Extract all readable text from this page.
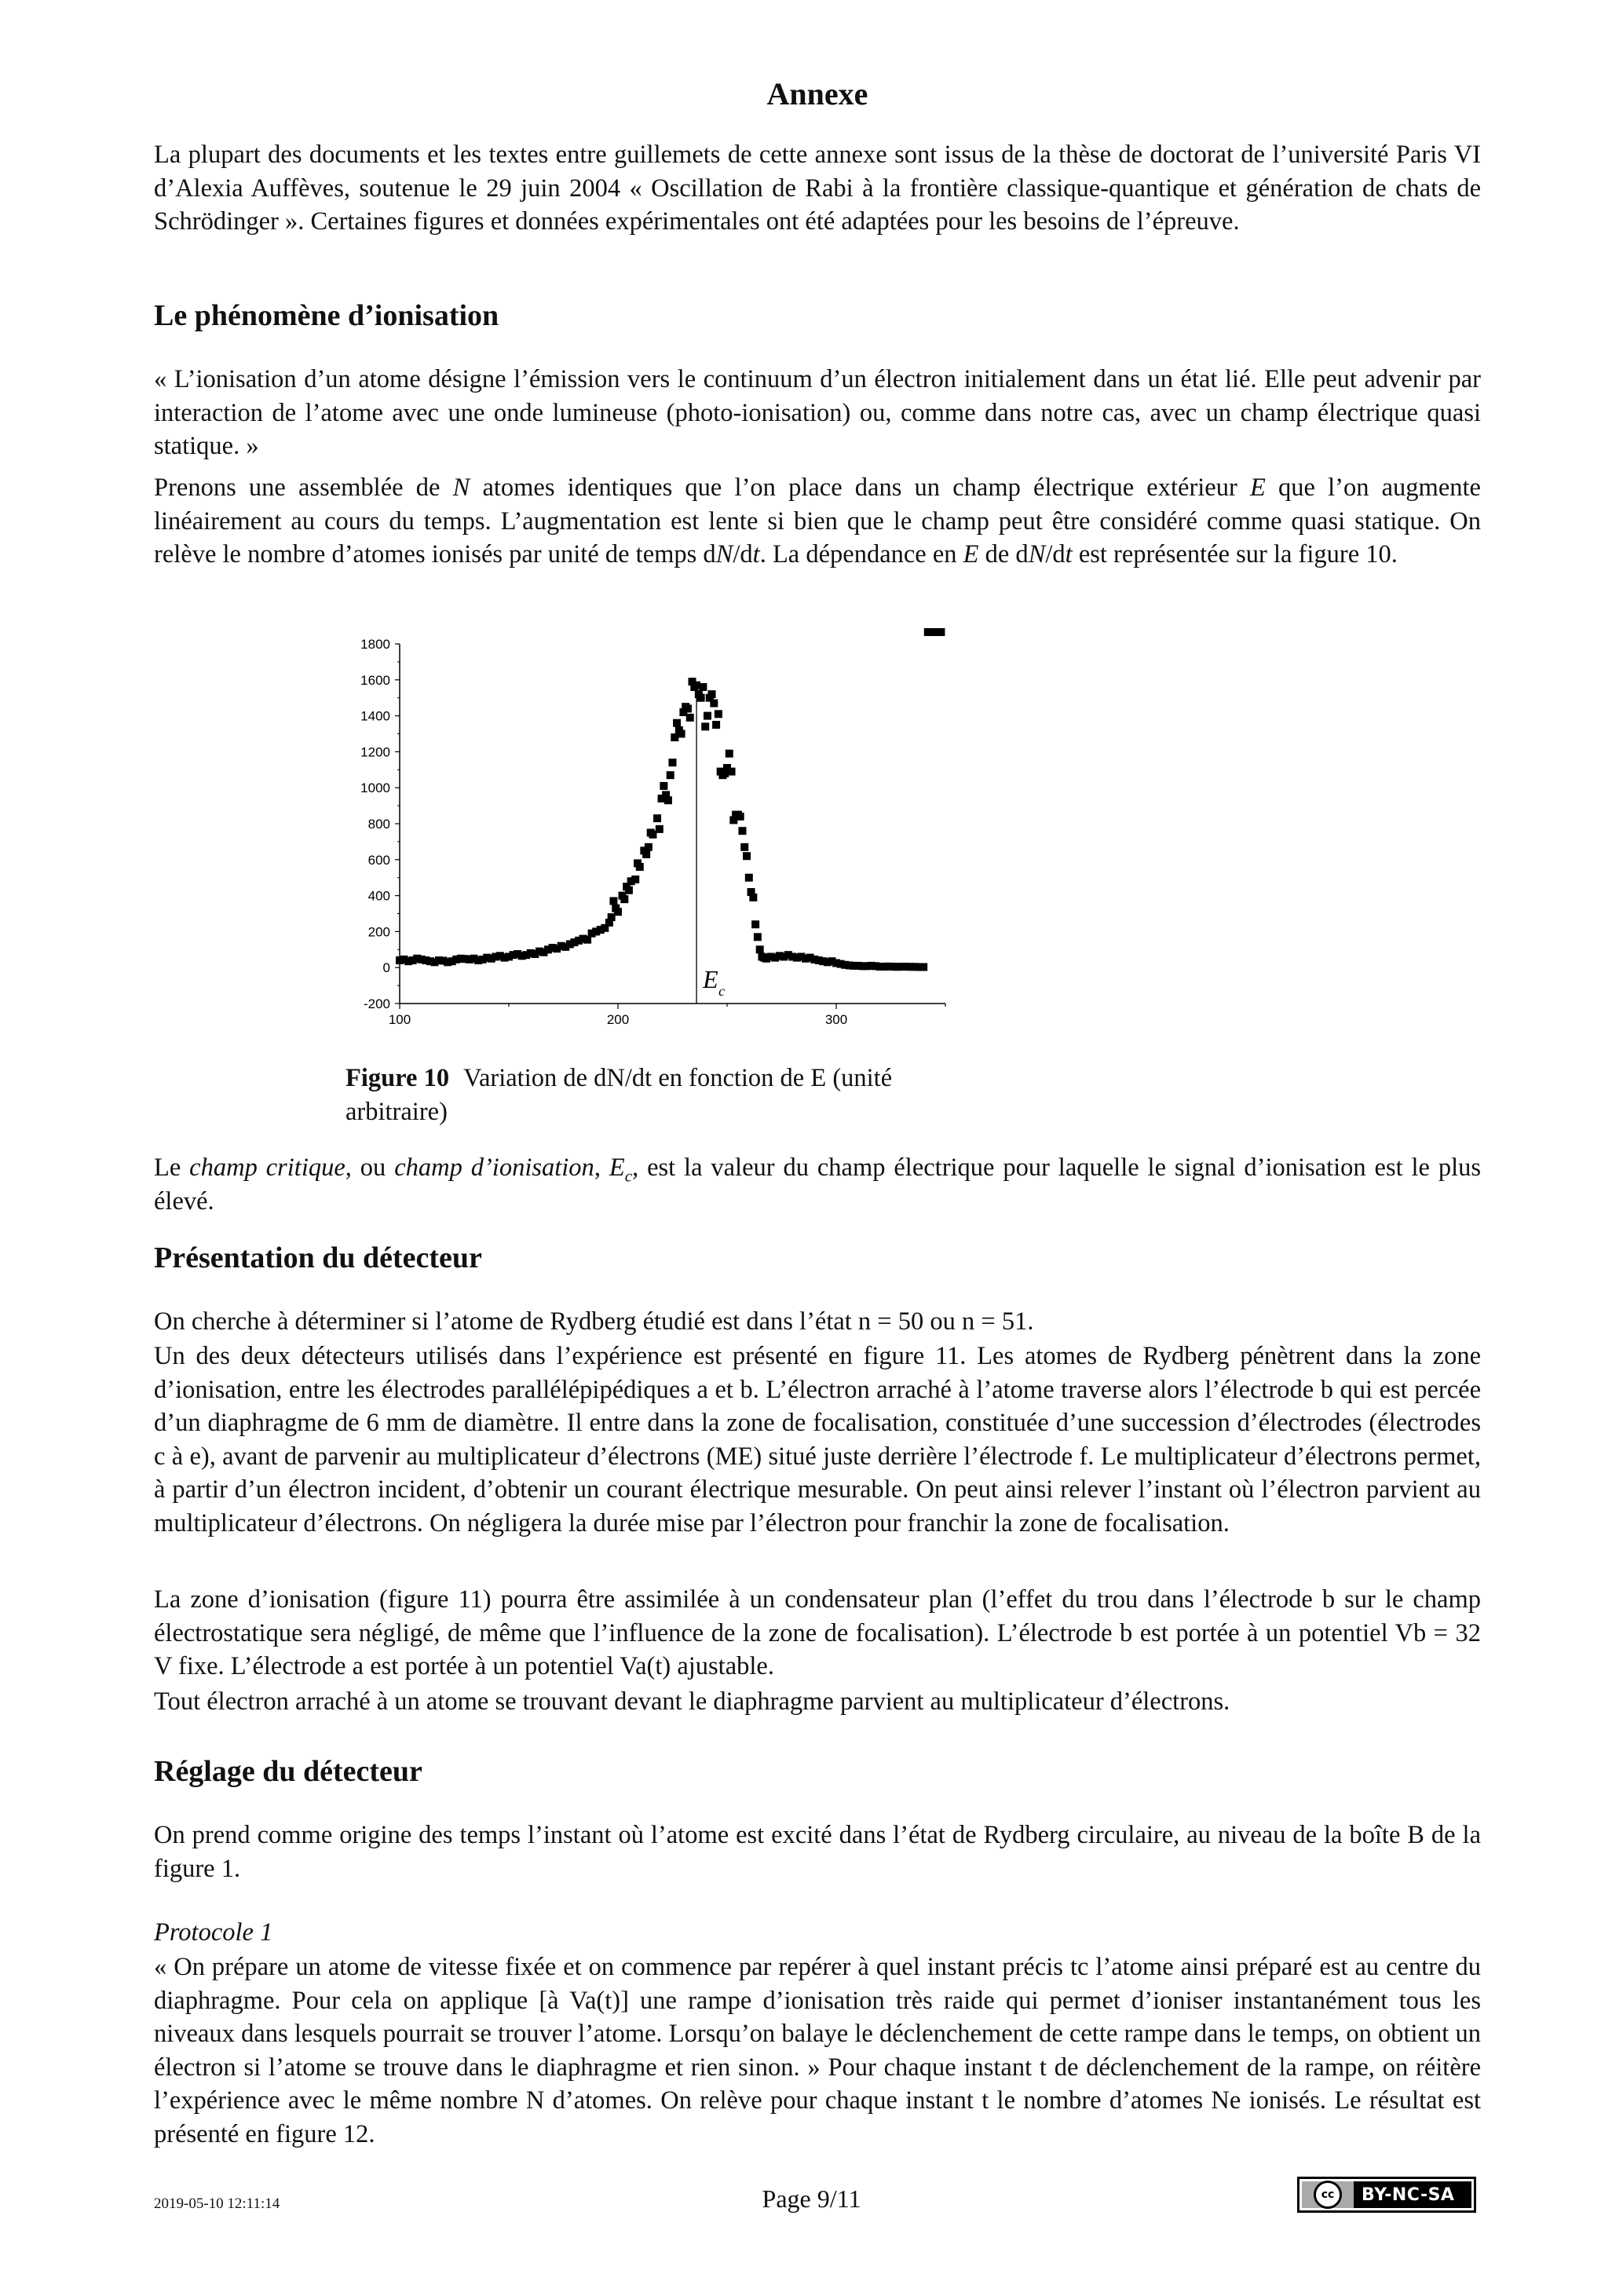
Annexe
La plupart des documents et les textes entre guillemets de cette annexe sont issus de la thèse de doctorat de l’université Paris VI d’Alexia Auffèves, soutenue le 29 juin 2004 « Oscillation de Rabi à la frontière classique-quantique et génération de chats de Schrödinger ». Certaines figures et données expérimentales ont été adaptées pour les besoins de l’épreuve.
Le phénomène d’ionisation
« L’ionisation d’un atome désigne l’émission vers le continuum d’un électron initialement dans un état lié. Elle peut advenir par interaction de l’atome avec une onde lumineuse (photo-ionisation) ou, comme dans notre cas, avec un champ électrique quasi statique. »
Prenons une assemblée de N atomes identiques que l’on place dans un champ électrique extérieur E que l’on augmente linéairement au cours du temps. L’augmentation est lente si bien que le champ peut être considéré comme quasi statique. On relève le nombre d’atomes ionisés par unité de temps dN/dt. La dépendance en E de dN/dt est représentée sur la figure 10.
Le champ critique, ou champ d’ionisation, $E_c$, est la valeur du champ électrique pour laquelle le signal d’ionisation est le plus élevé.
Présentation du détecteur
On cherche à déterminer si l’atome de Rydberg étudié est dans l’état n = 50 ou n = 51.
Un des deux détecteurs utilisés dans l’expérience est présenté en figure 11. Les atomes de Rydberg pénètrent dans la zone d’ionisation, entre les électrodes parallélépipédiques a et b. L’électron arraché à l’atome traverse alors l’électrode b qui est percée d’un diaphragme de 6 mm de diamètre. Il entre dans la zone de focalisation, constituée d’une succession d’électrodes (électrodes c à e), avant de parvenir au multiplicateur d’électrons (ME) situé juste derrière l’électrode f. Le multiplicateur d’électrons permet, à partir d’un électron incident, d’obtenir un courant électrique mesurable. On peut ainsi relever l’instant où l’électron parvient au multiplicateur d’électrons. On négligera la durée mise par l’électron pour franchir la zone de focalisation.
La zone d’ionisation (figure 11) pourra être assimilée à un condensateur plan (l’effet du trou dans l’électrode b sur le champ électrostatique sera négligé, de même que l’influence de la zone de focalisation). L’électrode b est portée à un potentiel Vb = 32 V fixe. L’électrode a est portée à un potentiel Va(t) ajustable.
Tout électron arraché à un atome se trouvant devant le diaphragme parvient au multiplicateur d’électrons.
Réglage du détecteur
On prend comme origine des temps l’instant où l’atome est excité dans l’état de Rydberg circulaire, au niveau de la boîte B de la figure 1.
Protocole 1
« On prépare un atome de vitesse fixée et on commence par repérer à quel instant précis tc l’atome ainsi préparé est au centre du diaphragme. Pour cela on applique [à Va(t)] une rampe d’ionisation très raide qui permet d’ioniser instantanément tous les niveaux dans lesquels pourrait se trouver l’atome. Lorsqu’on balaye le déclenchement de cette rampe dans le temps, on obtient un électron si l’atome se trouve dans le diaphragme et rien sinon. » Pour chaque instant t de déclenchement de la rampe, on réitère l’expérience avec le même nombre N d’atomes. On relève pour chaque instant t le nombre d’atomes Ne ionisés. Le résultat est présenté en figure 12.
-200
0
200
400
600
800
1000
1200
1400
1600
1800
100	200	300
E c
Figure 10 Variation de dN/dt en fonction de E (unité arbitraire)
2019-05-10 12:11:14	Page 9/11	cc	BY-NC-SA
